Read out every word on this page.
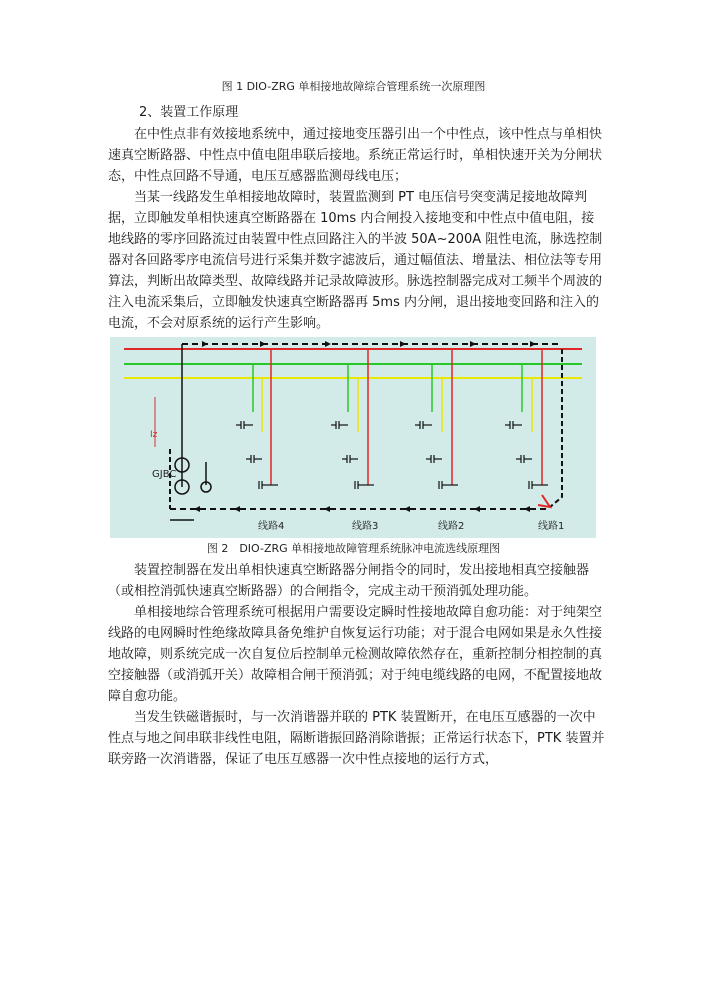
图 1 DIO-ZRG 单相接地故障综合管理系统一次原理图
2、装置工作原理

在中性点非有效接地系统中，通过接地变压器引出一个中性点，该中性点与单相快速真空断路器、中性点中值电阻串联后接地。系统正常运行时，单相快速开关为分闸状态，中性点回路不导通，电压互感器监测母线电压；

当某一线路发生单相接地故障时，装置监测到 PT 电压信号突变满足接地故障判据，立即触发单相快速真空断路器在 10ms 内合闸投入接地变和中性点中值电阻，接地线路的零序回路流过由装置中性点回路注入的半波 50A~200A 阻性电流，脉选控制器对各回路零序电流信号进行采集并数字滤波后，通过幅值法、增量法、相位法等专用算法，判断出故障类型、故障线路并记录故障波形。脉选控制器完成对工频半个周波的注入电流采集后，立即触发快速真空断路器再 5ms 内分闸，退出接地变回路和注入的电流，不会对原系统的运行产生影响。

Iz
GJBC
线路4	线路3	线路2	线路1
图 2　DIO-ZRG 单相接地故障管理系统脉冲电流选线原理图

装置控制器在发出单相快速真空断路器分闸指令的同时，发出接地相真空接触器（或相控消弧快速真空断路器）的合闸指令，完成主动干预消弧处理功能。

单相接地综合管理系统可根据用户需要设定瞬时性接地故障自愈功能：对于纯架空线路的电网瞬时性绝缘故障具备免维护自恢复运行功能；对于混合电网如果是永久性接地故障，则系统完成一次自复位后控制单元检测故障依然存在，重新控制分相控制的真空接触器（或消弧开关）故障相合闸干预消弧；对于纯电缆线路的电网，不配置接地故障自愈功能。

当发生铁磁谐振时，与一次消谐器并联的 PTK 装置断开，在电压互感器的一次中性点与地之间串联非线性电阻，隔断谐振回路消除谐振；正常运行状态下，PTK 装置并联旁路一次消谐器，保证了电压互感器一次中性点接地的运行方式，
